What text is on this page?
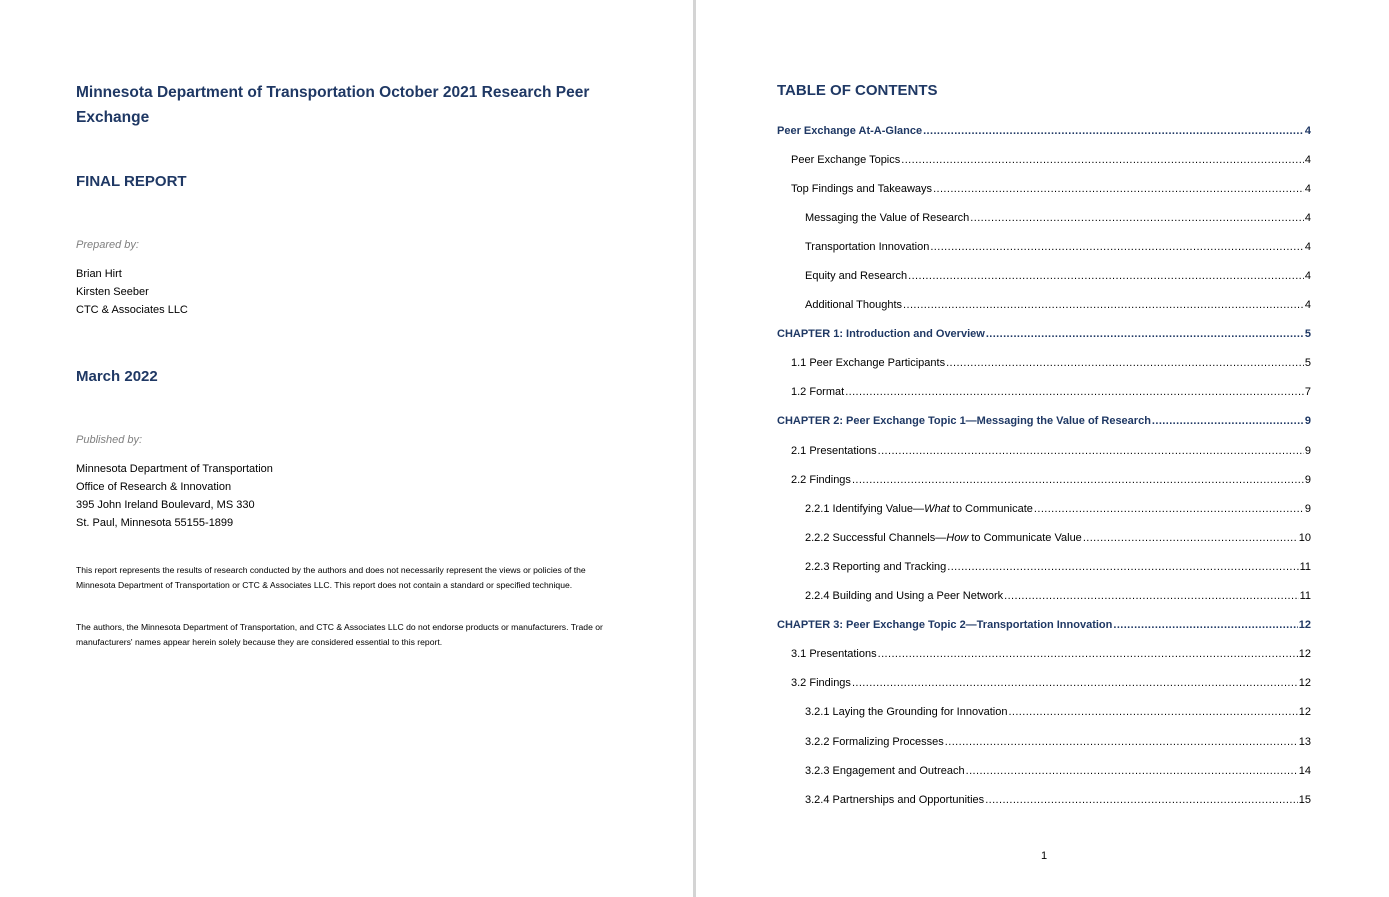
Minnesota Department of Transportation October 2021 Research Peer Exchange
FINAL REPORT
Prepared by:
Brian Hirt
Kirsten Seeber
CTC & Associates LLC
March 2022
Published by:
Minnesota Department of Transportation
Office of Research & Innovation
395 John Ireland Boulevard, MS 330
St. Paul, Minnesota 55155-1899
This report represents the results of research conducted by the authors and does not necessarily represent the views or policies of the Minnesota Department of Transportation or CTC & Associates LLC. This report does not contain a standard or specified technique.
The authors, the Minnesota Department of Transportation, and CTC & Associates LLC do not endorse products or manufacturers. Trade or manufacturers' names appear herein solely because they are considered essential to this report.
TABLE OF CONTENTS
Peer Exchange At-A-Glance .....	4
Peer Exchange Topics .....	4
Top Findings and Takeaways .....	4
Messaging the Value of Research .....	4
Transportation Innovation .....	4
Equity and Research .....	4
Additional Thoughts .....	4
CHAPTER 1: Introduction and Overview .....	5
1.1 Peer Exchange Participants .....	5
1.2 Format .....	7
CHAPTER 2: Peer Exchange Topic 1—Messaging the Value of Research .....	9
2.1 Presentations .....	9
2.2 Findings .....	9
2.2.1 Identifying Value—What to Communicate .....	9
2.2.2 Successful Channels—How to Communicate Value .....	10
2.2.3 Reporting and Tracking .....	11
2.2.4 Building and Using a Peer Network .....	11
CHAPTER 3: Peer Exchange Topic 2—Transportation Innovation .....	12
3.1 Presentations .....	12
3.2 Findings .....	12
3.2.1 Laying the Grounding for Innovation .....	12
3.2.2 Formalizing Processes .....	13
3.2.3 Engagement and Outreach .....	14
3.2.4 Partnerships and Opportunities .....	15
1
